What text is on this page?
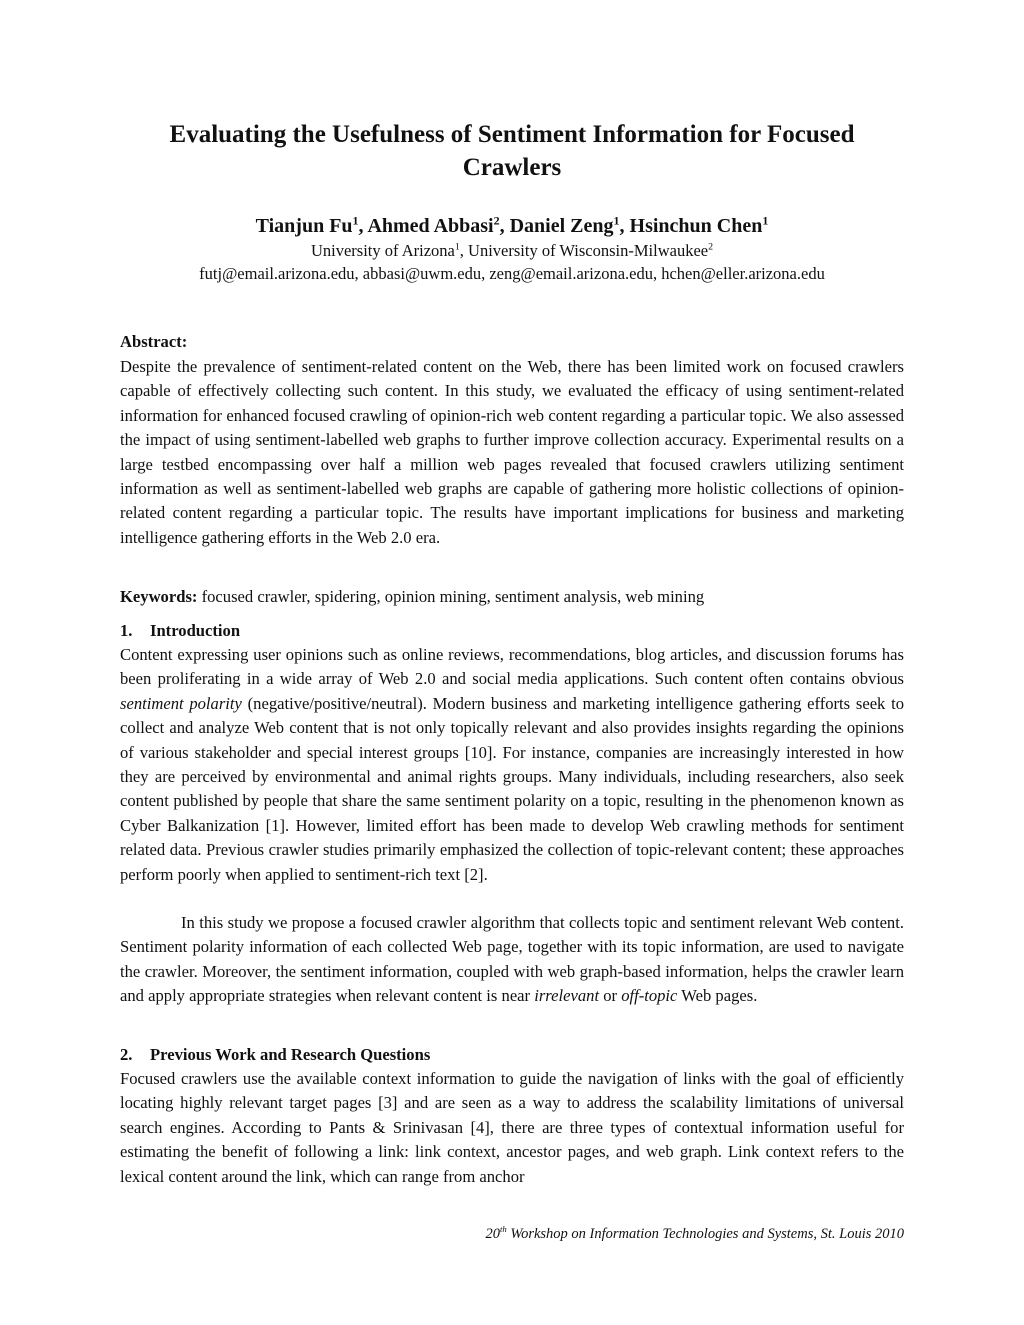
Evaluating the Usefulness of Sentiment Information for Focused Crawlers
Tianjun Fu$^1$, Ahmed Abbasi$^2$, Daniel Zeng$^1$, Hsinchun Chen$^1$
University of Arizona$^1$, University of Wisconsin-Milwaukee$^2$
futj@email.arizona.edu, abbasi@uwm.edu, zeng@email.arizona.edu, hchen@eller.arizona.edu
Abstract:

Despite the prevalence of sentiment-related content on the Web, there has been limited work on focused crawlers capable of effectively collecting such content. In this study, we evaluated the efficacy of using sentiment-related information for enhanced focused crawling of opinion-rich web content regarding a particular topic. We also assessed the impact of using sentiment-labelled web graphs to further improve collection accuracy. Experimental results on a large testbed encompassing over half a million web pages revealed that focused crawlers utilizing sentiment information as well as sentiment-labelled web graphs are capable of gathering more holistic collections of opinion-related content regarding a particular topic. The results have important implications for business and marketing intelligence gathering efforts in the Web 2.0 era.

Keywords: focused crawler, spidering, opinion mining, sentiment analysis, web mining

1. Introduction

Content expressing user opinions such as online reviews, recommendations, blog articles, and discussion forums has been proliferating in a wide array of Web 2.0 and social media applications. Such content often contains obvious sentiment polarity (negative/positive/neutral). Modern business and marketing intelligence gathering efforts seek to collect and analyze Web content that is not only topically relevant and also provides insights regarding the opinions of various stakeholder and special interest groups [10]. For instance, companies are increasingly interested in how they are perceived by environmental and animal rights groups. Many individuals, including researchers, also seek content published by people that share the same sentiment polarity on a topic, resulting in the phenomenon known as Cyber Balkanization [1]. However, limited effort has been made to develop Web crawling methods for sentiment related data. Previous crawler studies primarily emphasized the collection of topic-relevant content; these approaches perform poorly when applied to sentiment-rich text [2].

In this study we propose a focused crawler algorithm that collects topic and sentiment relevant Web content. Sentiment polarity information of each collected Web page, together with its topic information, are used to navigate the crawler. Moreover, the sentiment information, coupled with web graph-based information, helps the crawler learn and apply appropriate strategies when relevant content is near irrelevant or off-topic Web pages.

2. Previous Work and Research Questions

Focused crawlers use the available context information to guide the navigation of links with the goal of efficiently locating highly relevant target pages [3] and are seen as a way to address the scalability limitations of universal search engines. According to Pants & Srinivasan [4], there are three types of contextual information useful for estimating the benefit of following a link: link context, ancestor pages, and web graph. Link context refers to the lexical content around the link, which can range from anchor

20th Workshop on Information Technologies and Systems, St. Louis 2010
